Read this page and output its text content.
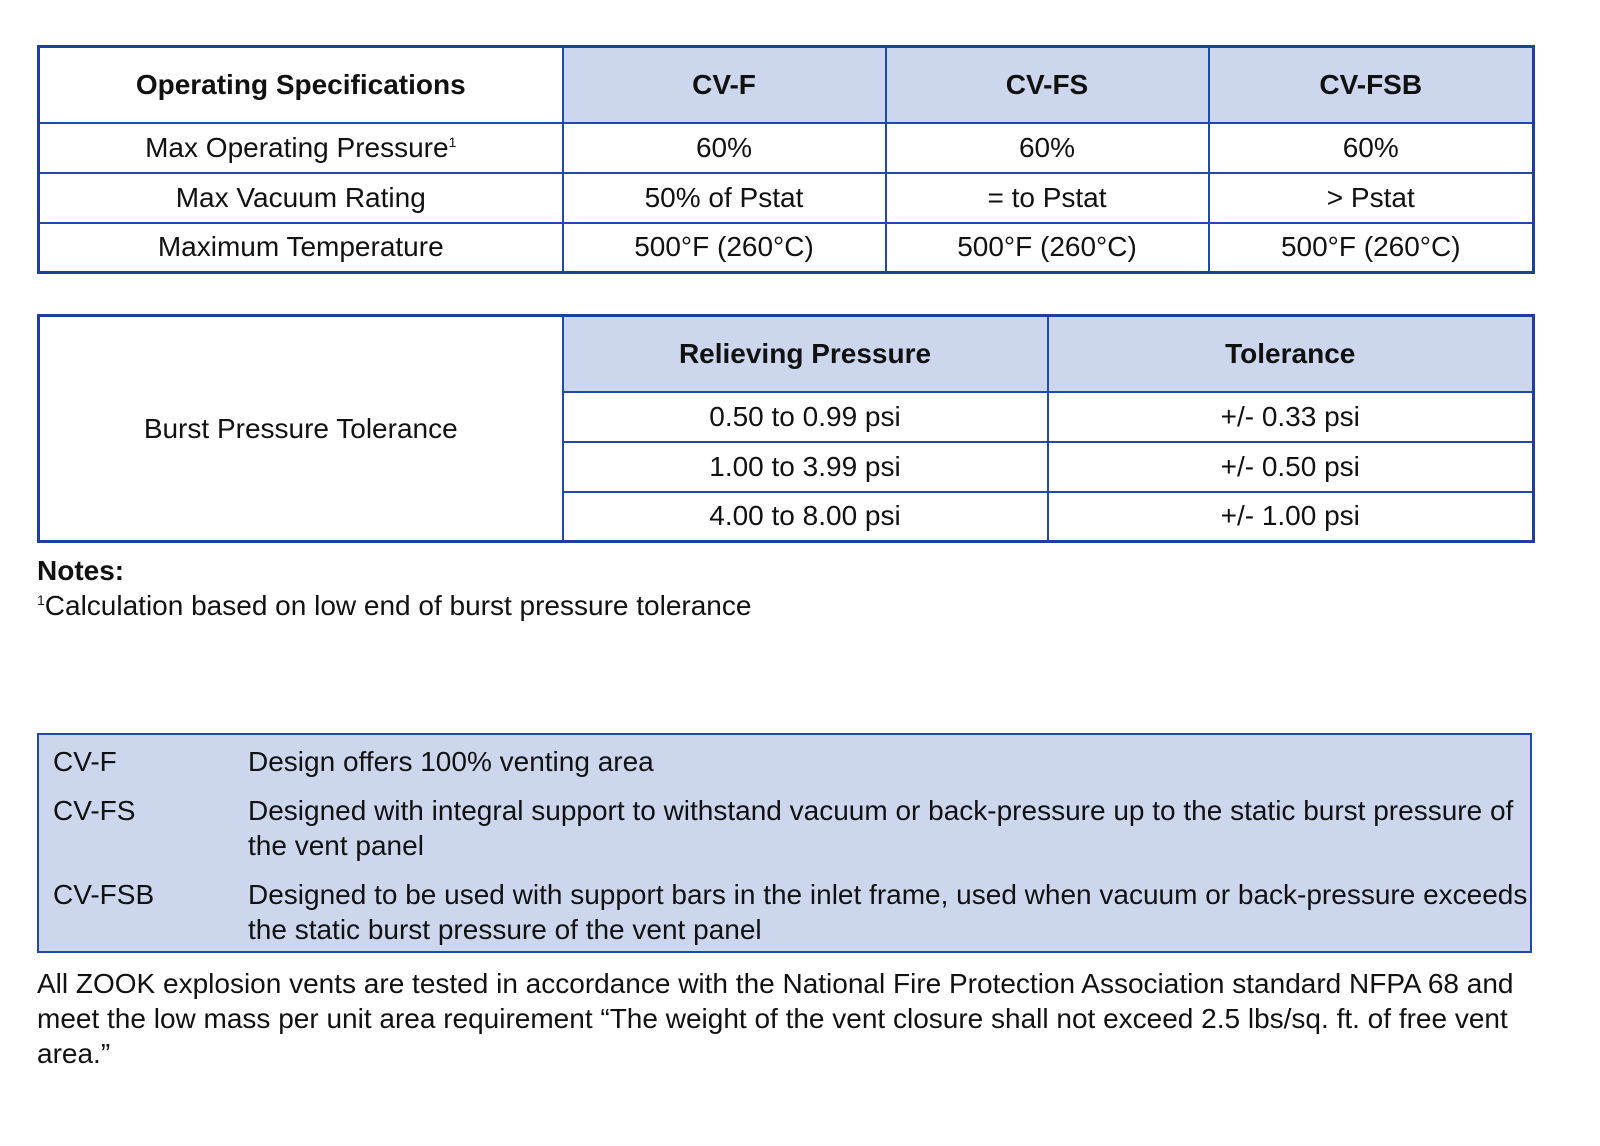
Operating Specifications	CV-F	CV-FS	CV-FSB
Max Operating Pressure$^1$	60%	60%	60%
Max Vacuum Rating	50% of Pstat	= to Pstat	> Pstat
Maximum Temperature	500°F (260°C)	500°F (260°C)	500°F (260°C)
Burst Pressure Tolerance	Relieving Pressure	Tolerance
	0.50 to 0.99 psi	+/- 0.33 psi
	1.00 to 3.99 psi	+/- 0.50 psi
	4.00 to 8.00 psi	+/- 1.00 psi
Notes:
$^1$Calculation based on low end of burst pressure tolerance
CV-F	Design offers 100% venting area
CV-FS	Designed with integral support to withstand vacuum or back-pressure up to the static burst pressure of the vent panel
CV-FSB	Designed to be used with support bars in the inlet frame, used when vacuum or back-pressure exceeds the static burst pressure of the vent panel
All ZOOK explosion vents are tested in accordance with the National Fire Protection Association standard NFPA 68 and meet the low mass per unit area requirement “The weight of the vent closure shall not exceed 2.5 lbs/sq. ft. of free vent area.”
